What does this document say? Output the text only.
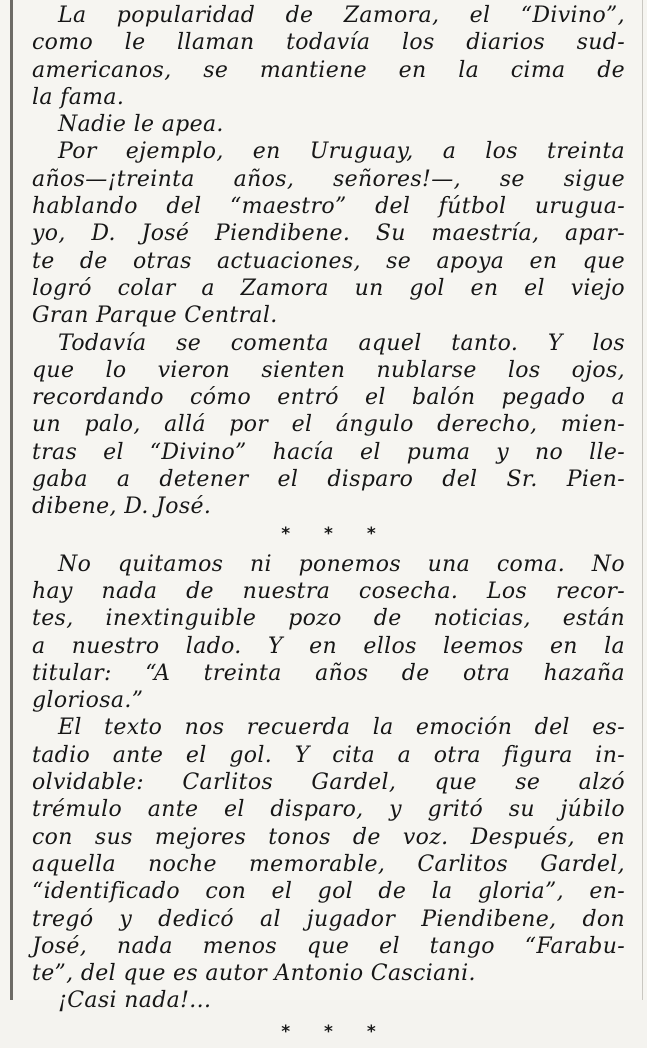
La popularidad de Zamora, el “Divino”,
como le llaman todavía los diarios sud-
americanos, se mantiene en la cima de
la fama.
Nadie le apea.
Por ejemplo, en Uruguay, a los treinta
años—¡treinta años, señores!—, se sigue
hablando del “maestro” del fútbol urugua-
yo, D. José Piendibene. Su maestría, apar-
te de otras actuaciones, se apoya en que
logró colar a Zamora un gol en el viejo
Gran Parque Central.
Todavía se comenta aquel tanto. Y los
que lo vieron sienten nublarse los ojos,
recordando cómo entró el balón pegado a
un palo, allá por el ángulo derecho, mien-
tras el “Divino” hacía el puma y no lle-
gaba a detener el disparo del Sr. Pien-
dibene, D. José.
* * *
No quitamos ni ponemos una coma. No
hay nada de nuestra cosecha. Los recor-
tes, inextinguible pozo de noticias, están
a nuestro lado. Y en ellos leemos en la
titular: “A treinta años de otra hazaña
gloriosa.”
El texto nos recuerda la emoción del es-
tadio ante el gol. Y cita a otra figura in-
olvidable: Carlitos Gardel, que se alzó
trémulo ante el disparo, y gritó su júbilo
con sus mejores tonos de voz. Después, en
aquella noche memorable, Carlitos Gardel,
“identificado con el gol de la gloria”, en-
tregó y dedicó al jugador Piendibene, don
José, nada menos que el tango “Farabu-
te”, del que es autor Antonio Casciani.
¡Casi nada!...
* * *
